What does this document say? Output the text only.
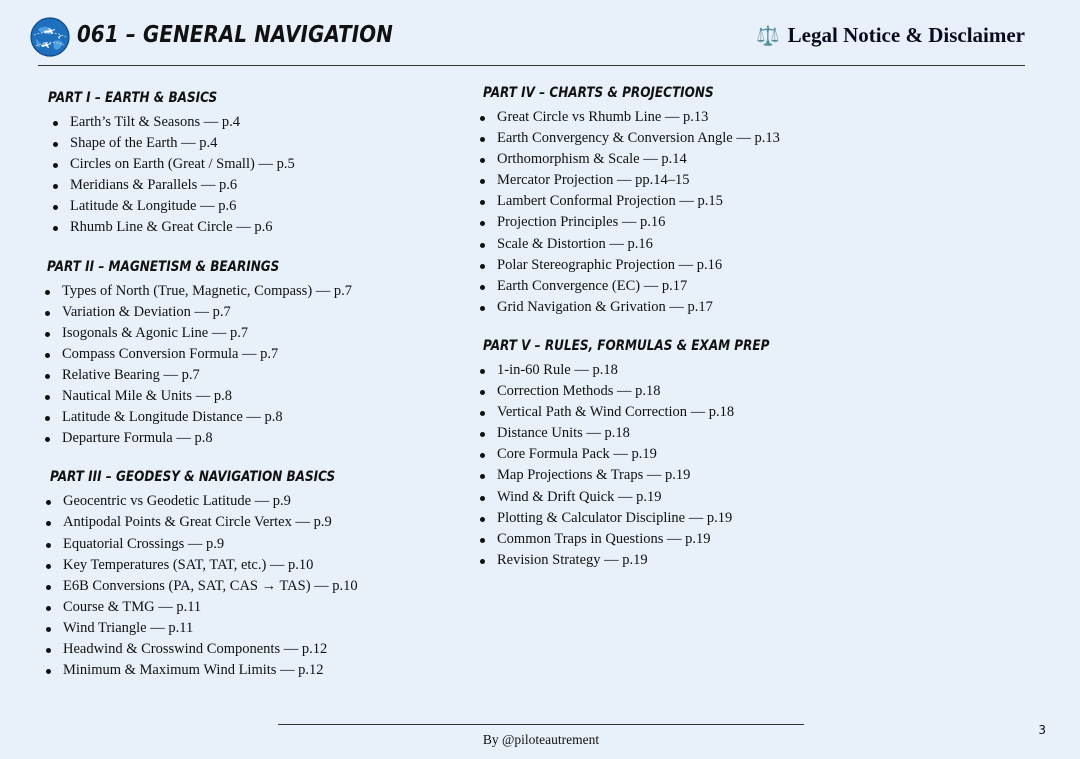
061 – GENERAL NAVIGATION	⚖️ Legal Notice & Disclaimer
PART I – EARTH & BASICS
Earth’s Tilt & Seasons — p.4
Shape of the Earth — p.4
Circles on Earth (Great / Small) — p.5
Meridians & Parallels — p.6
Latitude & Longitude — p.6
Rhumb Line & Great Circle — p.6
PART II – MAGNETISM & BEARINGS
Types of North (True, Magnetic, Compass) — p.7
Variation & Deviation — p.7
Isogonals & Agonic Line — p.7
Compass Conversion Formula — p.7
Relative Bearing — p.7
Nautical Mile & Units — p.8
Latitude & Longitude Distance — p.8
Departure Formula — p.8
PART III – GEODESY & NAVIGATION BASICS
Geocentric vs Geodetic Latitude — p.9
Antipodal Points & Great Circle Vertex — p.9
Equatorial Crossings — p.9
Key Temperatures (SAT, TAT, etc.) — p.10
E6B Conversions (PA, SAT, CAS → TAS) — p.10
Course & TMG — p.11
Wind Triangle — p.11
Headwind & Crosswind Components — p.12
Minimum & Maximum Wind Limits — p.12
PART IV – CHARTS & PROJECTIONS
Great Circle vs Rhumb Line — p.13
Earth Convergency & Conversion Angle — p.13
Orthomorphism & Scale — p.14
Mercator Projection — pp.14–15
Lambert Conformal Projection — p.15
Projection Principles — p.16
Scale & Distortion — p.16
Polar Stereographic Projection — p.16
Earth Convergence (EC) — p.17
Grid Navigation & Grivation — p.17
PART V – RULES, FORMULAS & EXAM PREP
1-in-60 Rule — p.18
Correction Methods — p.18
Vertical Path & Wind Correction — p.18
Distance Units — p.18
Core Formula Pack — p.19
Map Projections & Traps — p.19
Wind & Drift Quick — p.19
Plotting & Calculator Discipline — p.19
Common Traps in Questions — p.19
Revision Strategy — p.19
By @piloteautrement
3
